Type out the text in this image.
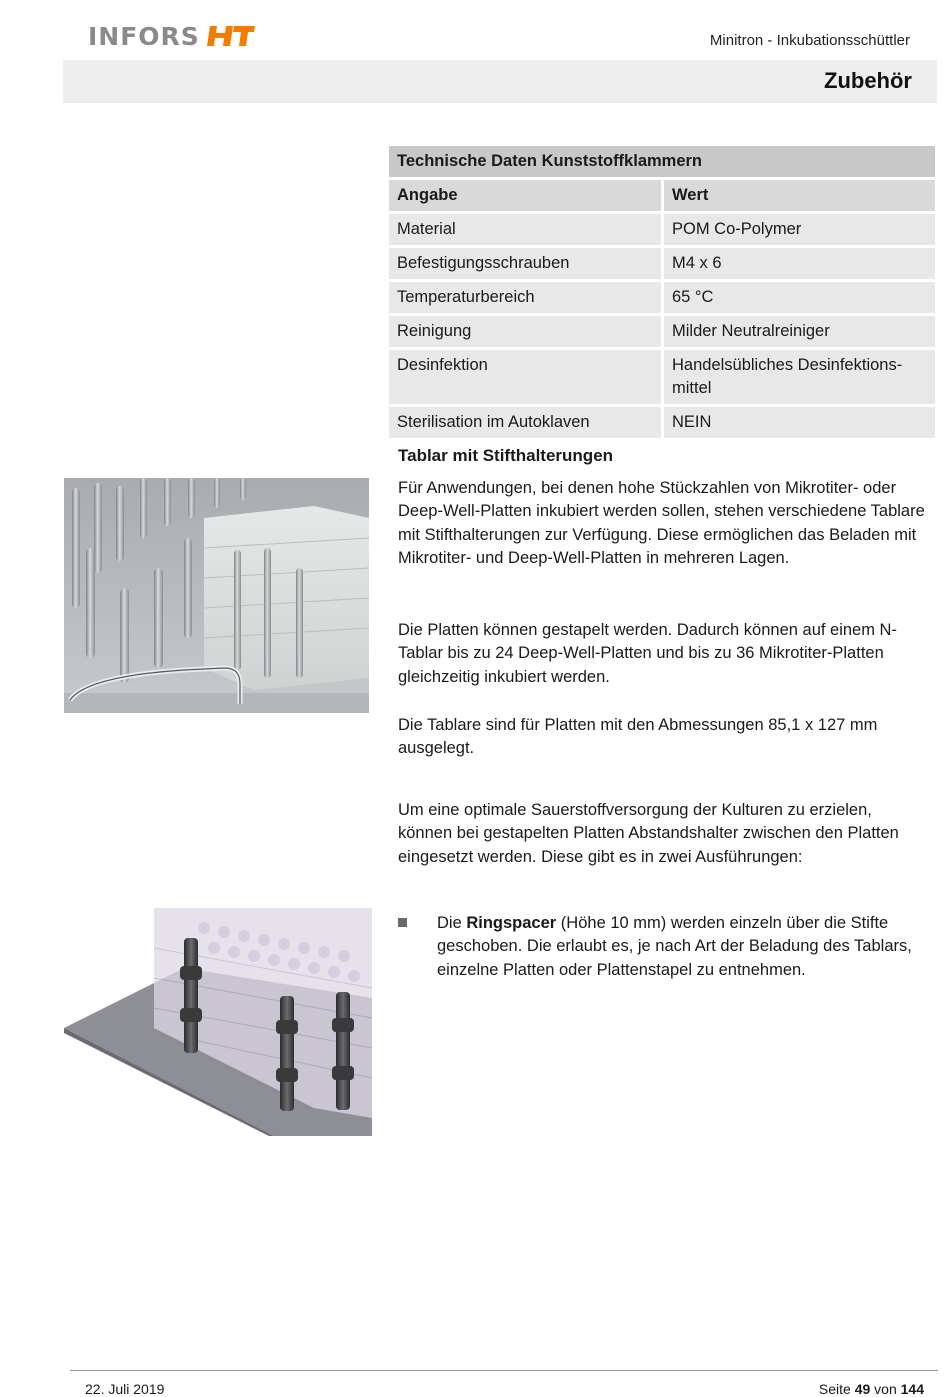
INFORS	Minitron - Inkubationsschüttler
Zubehör
Technische Daten Kunststoffklammern	
Angabe	Wert
Material	POM Co-Polymer
Befestigungsschrauben	M4 x 6
Temperaturbereich	65 °C
Reinigung	Milder Neutralreiniger
Desinfektion	Handelsübliches Desinfektions-mittel
Sterilisation im Autoklaven	NEIN
Tablar mit Stifthalterungen

Für Anwendungen, bei denen hohe Stückzahlen von Mikrotiter- oder Deep-Well-Platten inkubiert werden sollen, stehen verschiedene Tablare mit Stifthalterungen zur Verfügung. Diese ermöglichen das Beladen mit Mikrotiter- und Deep-Well-Platten in mehreren Lagen.

Die Platten können gestapelt werden. Dadurch können auf einem N-Tablar bis zu 24 Deep-Well-Platten und bis zu 36 Mikrotiter-Platten gleichzeitig inkubiert werden.

Die Tablare sind für Platten mit den Abmessungen 85,1 x 127 mm ausgelegt.

Um eine optimale Sauerstoffversorgung der Kulturen zu erzielen, können bei gestapelten Platten Abstandshalter zwischen den Platten eingesetzt werden. Diese gibt es in zwei Ausführungen:

Die Ringspacer (Höhe 10 mm) werden einzeln über die Stifte geschoben. Die erlaubt es, je nach Art der Beladung des Tablars, einzelne Platten oder Plattenstapel zu entnehmen.

22. Juli 2019	Seite 49 von 144
